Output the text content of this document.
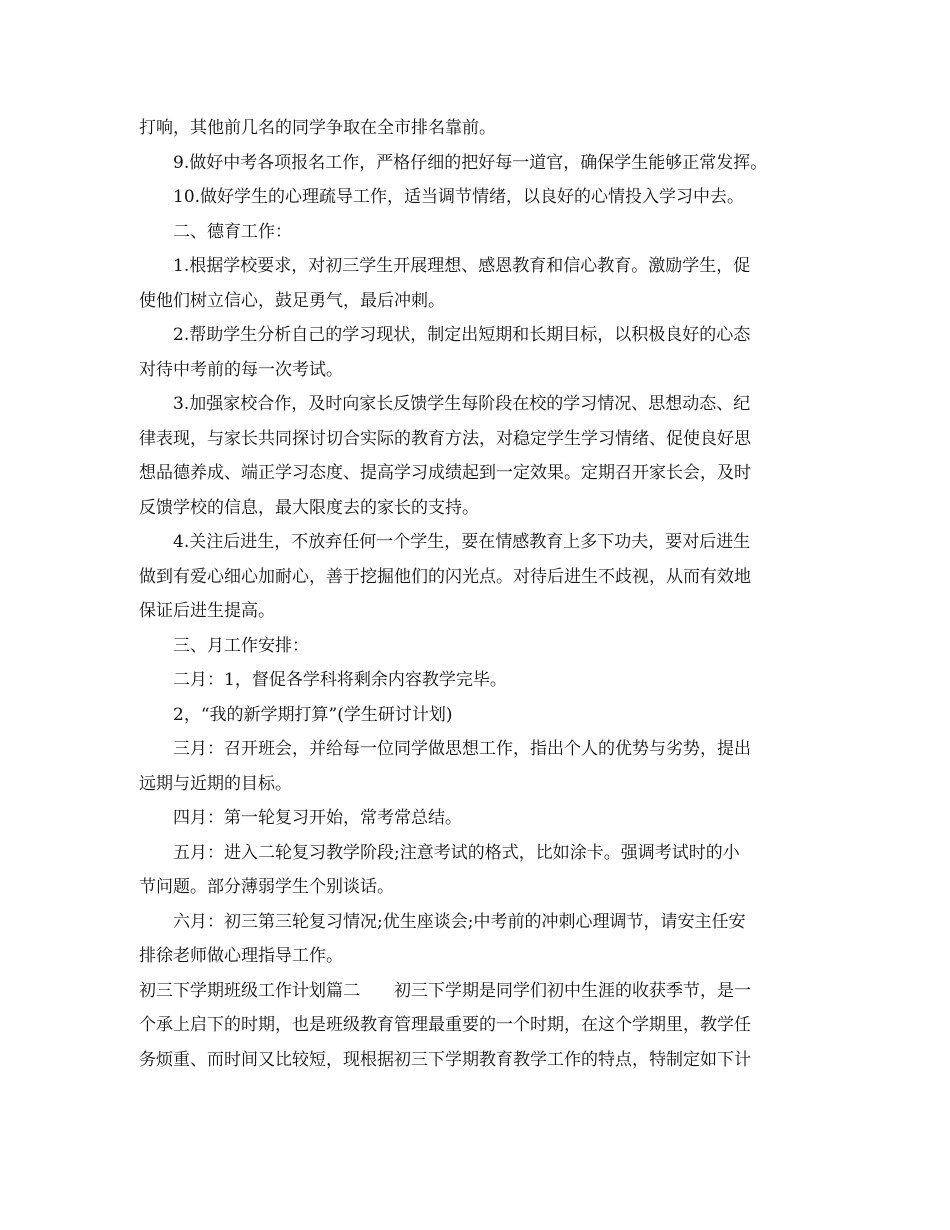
打响，其他前几名的同学争取在全市排名靠前。
9.做好中考各项报名工作，严格仔细的把好每一道官，确保学生能够正常发挥。
10.做好学生的心理疏导工作，适当调节情绪，以良好的心情投入学习中去。
二、德育工作：
1.根据学校要求，对初三学生开展理想、感恩教育和信心教育。激励学生，促
使他们树立信心，鼓足勇气，最后冲刺。
2.帮助学生分析自己的学习现状，制定出短期和长期目标，以积极良好的心态
对待中考前的每一次考试。
3.加强家校合作，及时向家长反馈学生每阶段在校的学习情况、思想动态、纪
律表现，与家长共同探讨切合实际的教育方法，对稳定学生学习情绪、促使良好思
想品德养成、端正学习态度、提高学习成绩起到一定效果。定期召开家长会，及时
反馈学校的信息，最大限度去的家长的支持。
4.关注后进生，不放弃任何一个学生，要在情感教育上多下功夫，要对后进生
做到有爱心细心加耐心，善于挖掘他们的闪光点。对待后进生不歧视，从而有效地
保证后进生提高。
三、月工作安排：
二月：1，督促各学科将剩余内容教学完毕。
2，“我的新学期打算”(学生研讨计划)
三月：召开班会，并给每一位同学做思想工作，指出个人的优势与劣势，提出
远期与近期的目标。
四月：第一轮复习开始，常考常总结。
五月：进入二轮复习教学阶段;注意考试的格式，比如涂卡。强调考试时的小
节问题。部分薄弱学生个别谈话。
六月：初三第三轮复习情况;优生座谈会;中考前的冲刺心理调节，请安主任安
排徐老师做心理指导工作。
初三下学期班级工作计划篇二　　初三下学期是同学们初中生涯的收获季节，是一
个承上启下的时期，也是班级教育管理最重要的一个时期，在这个学期里，教学任
务烦重、而时间又比较短，现根据初三下学期教育教学工作的特点，特制定如下计
